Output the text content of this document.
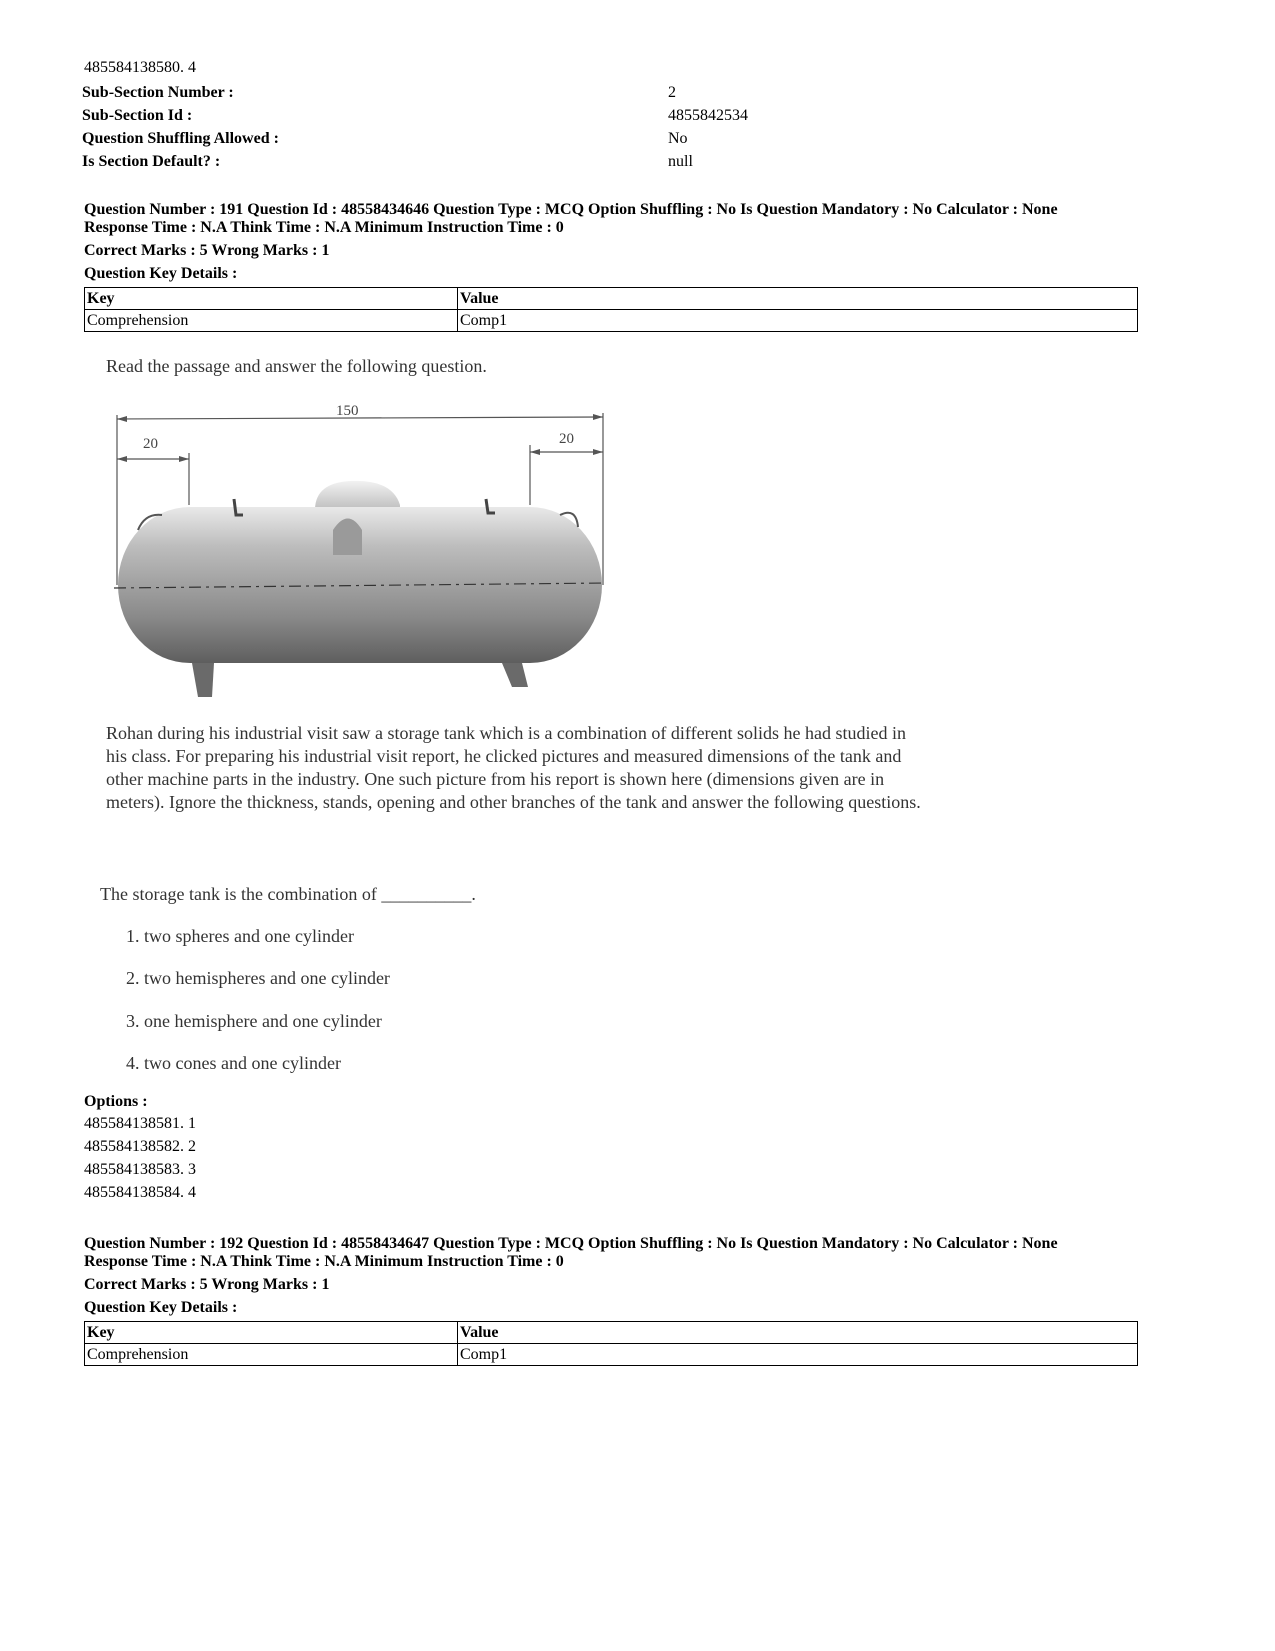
485584138580. 4
Sub-Section Number :	2
Sub-Section Id :	4855842534
Question Shuffling Allowed :	No
Is Section Default? :	null
Question Number : 191 Question Id : 48558434646 Question Type : MCQ Option Shuffling : No Is Question Mandatory : No Calculator : None
Response Time : N.A Think Time : N.A Minimum Instruction Time : 0
Correct Marks : 5 Wrong Marks : 1
Question Key Details :
Key	Value
Comprehension	Comp1
Read the passage and answer the following question.
150
20	20
Rohan during his industrial visit saw a storage tank which is a combination of different solids he had studied in his class. For preparing his industrial visit report, he clicked pictures and measured dimensions of the tank and other machine parts in the industry. One such picture from his report is shown here (dimensions given are in meters). Ignore the thickness, stands, opening and other branches of the tank and answer the following questions.
The storage tank is the combination of __________.
1. two spheres and one cylinder
2. two hemispheres and one cylinder
3. one hemisphere and one cylinder
4. two cones and one cylinder
Options :
485584138581. 1
485584138582. 2
485584138583. 3
485584138584. 4
Question Number : 192 Question Id : 48558434647 Question Type : MCQ Option Shuffling : No Is Question Mandatory : No Calculator : None
Response Time : N.A Think Time : N.A Minimum Instruction Time : 0
Correct Marks : 5 Wrong Marks : 1
Question Key Details :
Key	Value
Comprehension	Comp1
